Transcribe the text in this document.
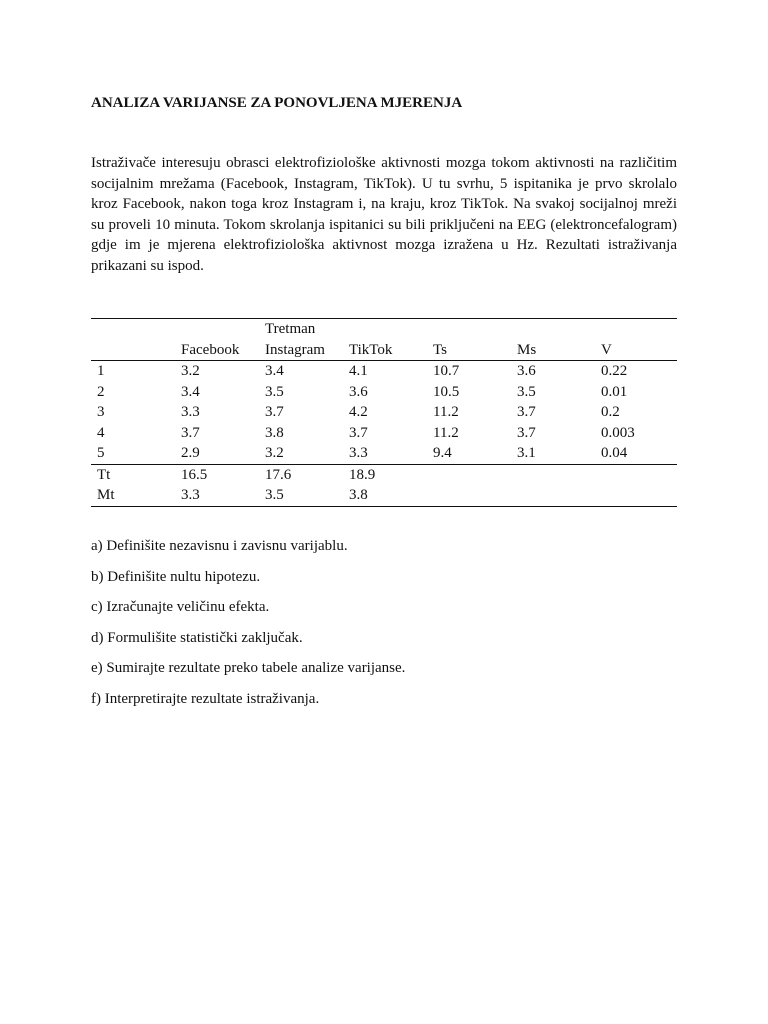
ANALIZA VARIJANSE ZA PONOVLJENA MJERENJA

Istraživače interesuju obrasci elektrofiziološke aktivnosti mozga tokom aktivnosti na različitim socijalnim mrežama (Facebook, Instagram, TikTok). U tu svrhu, 5 ispitanika je prvo skrolalo kroz Facebook, nakon toga kroz Instagram i, na kraju, kroz TikTok. Na svakoj socijalnoj mreži su proveli 10 minuta. Tokom skrolanja ispitanici su bili priključeni na EEG (elektroncefalogram) gdje im je mjerena elektrofiziološka aktivnost mozga izražena u Hz. Rezultati istraživanja prikazani su ispod.

		Tretman				
	Facebook	Instagram	TikTok	Ts	Ms	V
1	3.2	3.4	4.1	10.7	3.6	0.22
2	3.4	3.5	3.6	10.5	3.5	0.01
3	3.3	3.7	4.2	11.2	3.7	0.2
4	3.7	3.8	3.7	11.2	3.7	0.003
5	2.9	3.2	3.3	9.4	3.1	0.04
Tt	16.5	17.6	18.9			
Mt	3.3	3.5	3.8			
a) Definišite nezavisnu i zavisnu varijablu.
b) Definišite nultu hipotezu.
c) Izračunajte veličinu efekta.
d) Formulišite statistički zaključak.
e) Sumirajte rezultate preko tabele analize varijanse.
f) Interpretirajte rezultate istraživanja.
